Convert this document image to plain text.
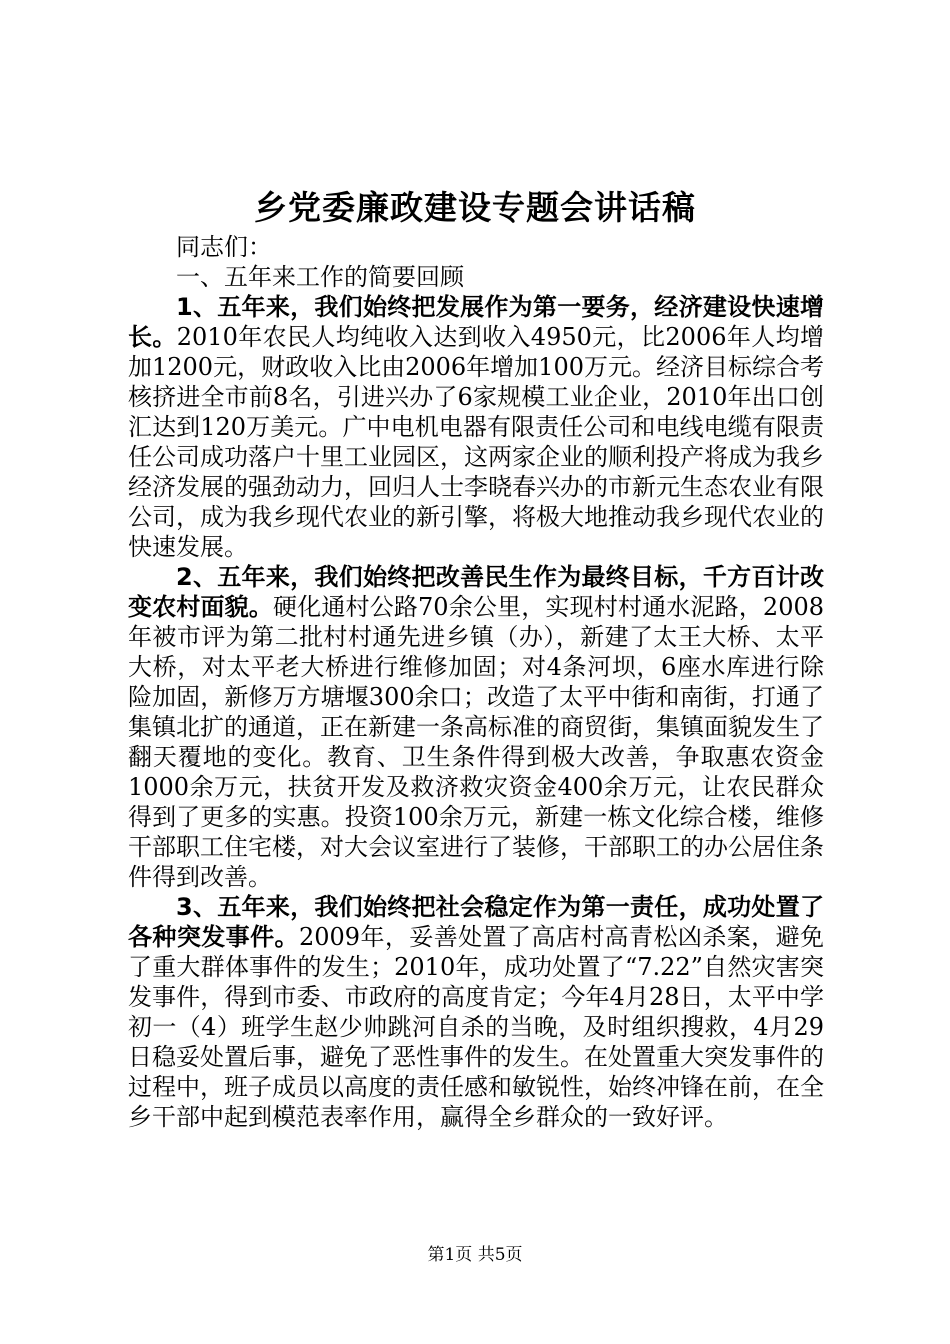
乡党委廉政建设专题会讲话稿

同志们：

一、五年来工作的简要回顾

1、五年来，我们始终把发展作为第一要务，经济建设快速增长。2010年农民人均纯收入达到收入4950元，比2006年人均增加1200元，财政收入比由2006年增加100万元。经济目标综合考核挤进全市前8名，引进兴办了6家规模工业企业，2010年出口创汇达到120万美元。广中电机电器有限责任公司和电线电缆有限责任公司成功落户十里工业园区，这两家企业的顺利投产将成为我乡经济发展的强劲动力，回归人士李晓春兴办的市新元生态农业有限公司，成为我乡现代农业的新引擎，将极大地推动我乡现代农业的快速发展。

2、五年来，我们始终把改善民生作为最终目标，千方百计改变农村面貌。硬化通村公路70余公里，实现村村通水泥路，2008年被市评为第二批村村通先进乡镇（办），新建了太王大桥、太平大桥，对太平老大桥进行维修加固；对4条河坝，6座水库进行除险加固，新修万方塘堰300余口；改造了太平中街和南街，打通了集镇北扩的通道，正在新建一条高标准的商贸街，集镇面貌发生了翻天覆地的变化。教育、卫生条件得到极大改善，争取惠农资金1000余万元，扶贫开发及救济救灾资金400余万元，让农民群众得到了更多的实惠。投资100余万元，新建一栋文化综合楼，维修干部职工住宅楼，对大会议室进行了装修，干部职工的办公居住条件得到改善。

3、五年来，我们始终把社会稳定作为第一责任，成功处置了各种突发事件。2009年，妥善处置了高店村高青松凶杀案，避免了重大群体事件的发生；2010年，成功处置了“7.22”自然灾害突发事件，得到市委、市政府的高度肯定；今年4月28日，太平中学初一（4）班学生赵少帅跳河自杀的当晚，及时组织搜救，4月29日稳妥处置后事，避免了恶性事件的发生。在处置重大突发事件的过程中，班子成员以高度的责任感和敏锐性，始终冲锋在前，在全乡干部中起到模范表率作用，赢得全乡群众的一致好评。

第1页 共5页
